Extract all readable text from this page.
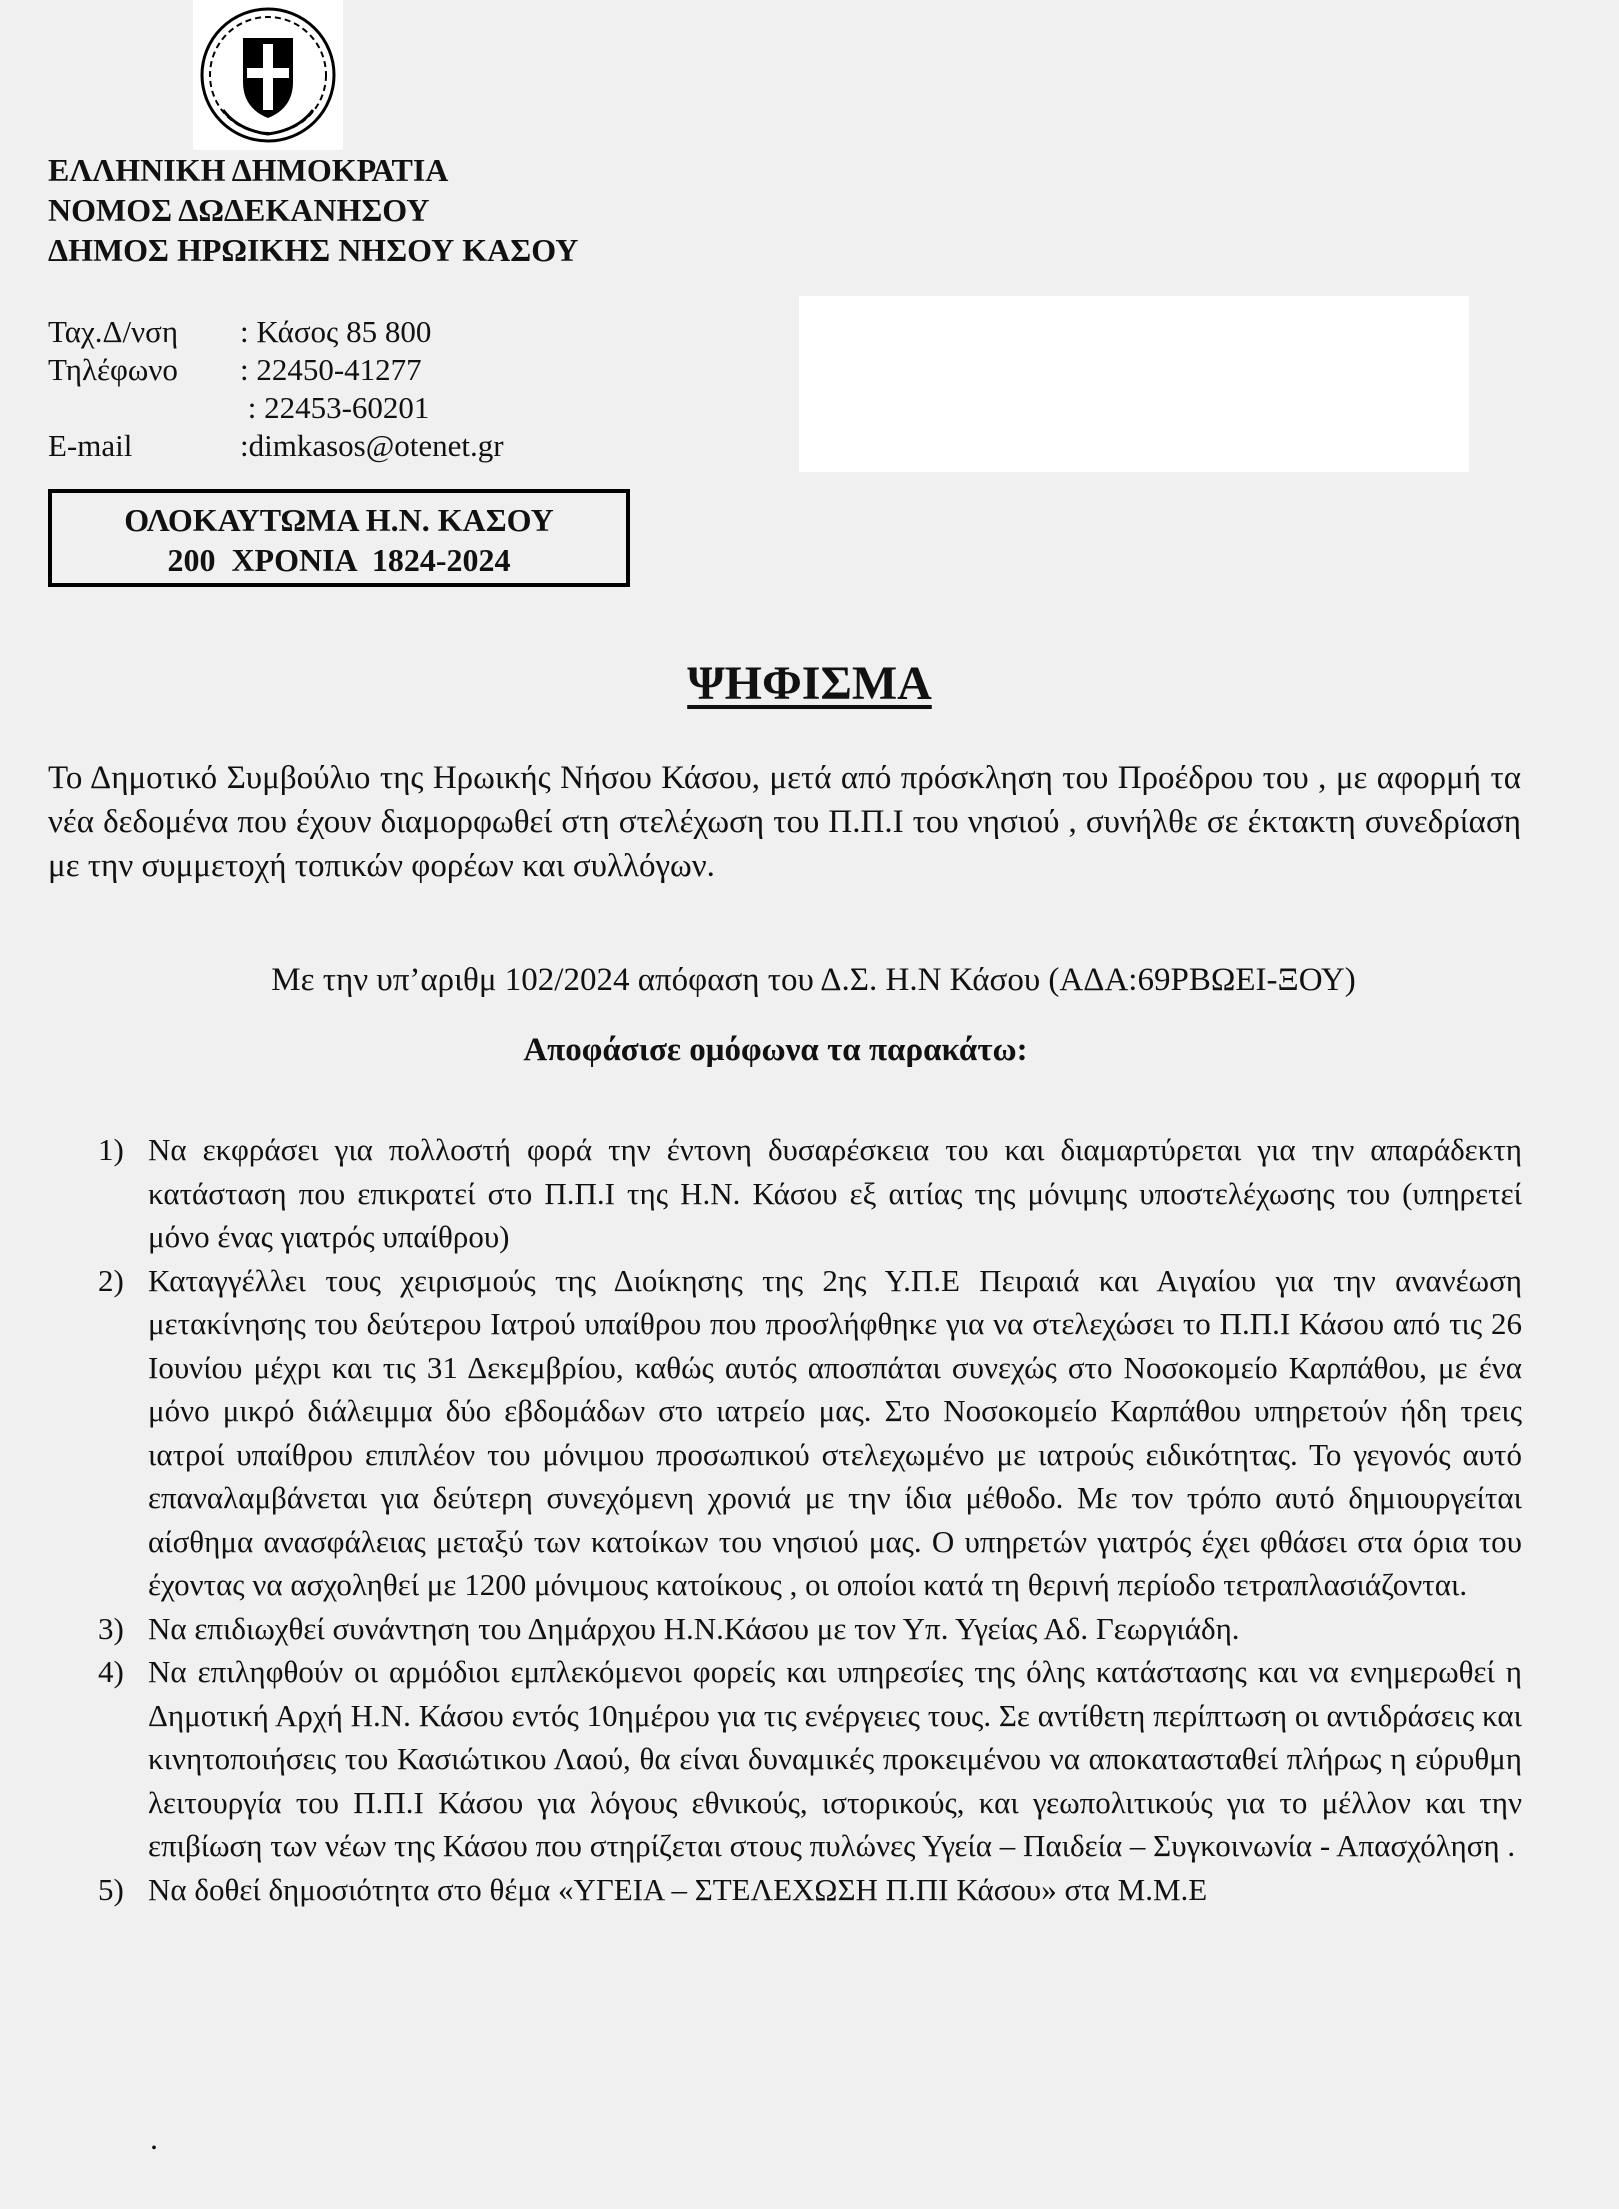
ΕΛΛΗΝΙΚΗ ΔΗΜΟΚΡΑΤΙΑ
ΝΟΜΟΣ ΔΩΔΕΚΑΝΗΣΟΥ
ΔΗΜΟΣ ΗΡΩΙΚΗΣ ΝΗΣΟΥ ΚΑΣΟΥ
Ταχ.Δ/νση	: Κάσος 85 800
Τηλέφωνο	: 22450-41277
: 22453-60201
E-mail	:dimkasos@otenet.gr
ΟΛΟΚΑΥΤΩΜΑ Η.Ν. ΚΑΣΟΥ
200  ΧΡΟΝΙΑ  1824-2024
ΨΗΦΙΣΜΑ
Το Δημοτικό Συμβούλιο της Ηρωικής Νήσου Κάσου, μετά από πρόσκληση του Προέδρου του , με αφορμή τα νέα δεδομένα που έχουν διαμορφωθεί στη στελέχωση του Π.Π.Ι του νησιού , συνήλθε σε έκτακτη συνεδρίαση με την συμμετοχή τοπικών φορέων και συλλόγων.
Με την υπ’αριθμ 102/2024 απόφαση του Δ.Σ. Η.Ν Κάσου (ΑΔΑ:69ΡΒΩΕΙ-ΞΟΥ)
Αποφάσισε ομόφωνα τα παρακάτω:
1) Να εκφράσει για πολλοστή φορά την έντονη δυσαρέσκεια του και διαμαρτύρεται για την απαράδεκτη κατάσταση που επικρατεί στο Π.Π.Ι της Η.Ν. Κάσου εξ αιτίας της μόνιμης υποστελέχωσης του (υπηρετεί μόνο ένας γιατρός υπαίθρου)
2) Καταγγέλλει τους χειρισμούς της Διοίκησης της 2ης Υ.Π.Ε Πειραιά και Αιγαίου για την ανανέωση μετακίνησης του δεύτερου Ιατρού υπαίθρου που προσλήφθηκε για να στελεχώσει το Π.Π.Ι Κάσου από τις 26 Ιουνίου μέχρι και τις 31 Δεκεμβρίου, καθώς αυτός αποσπάται συνεχώς στο Νοσοκομείο Καρπάθου, με ένα μόνο μικρό διάλειμμα δύο εβδομάδων στο ιατρείο μας. Στο Νοσοκομείο Καρπάθου υπηρετούν ήδη τρεις ιατροί υπαίθρου επιπλέον του μόνιμου προσωπικού στελεχωμένο με ιατρούς ειδικότητας. Το γεγονός αυτό επαναλαμβάνεται για δεύτερη συνεχόμενη χρονιά με την ίδια μέθοδο. Με τον τρόπο αυτό δημιουργείται αίσθημα ανασφάλειας μεταξύ των κατοίκων του νησιού μας. Ο υπηρετών γιατρός έχει φθάσει στα όρια του έχοντας να ασχοληθεί με 1200 μόνιμους κατοίκους , οι οποίοι κατά τη θερινή περίοδο τετραπλασιάζονται.
3) Να επιδιωχθεί συνάντηση του Δημάρχου Η.Ν.Κάσου με τον Υπ. Υγείας Αδ. Γεωργιάδη.
4) Να επιληφθούν οι αρμόδιοι εμπλεκόμενοι φορείς και υπηρεσίες της όλης κατάστασης και να ενημερωθεί η Δημοτική Αρχή Η.Ν. Κάσου εντός 10ημέρου για τις ενέργειες τους. Σε αντίθετη περίπτωση οι αντιδράσεις και κινητοποιήσεις του Κασιώτικου Λαού, θα είναι δυναμικές προκειμένου να αποκατασταθεί πλήρως η εύρυθμη λειτουργία του Π.Π.Ι Κάσου για λόγους εθνικούς, ιστορικούς, και γεωπολιτικούς για το μέλλον και την επιβίωση των νέων της Κάσου που στηρίζεται στους πυλώνες Υγεία – Παιδεία – Συγκοινωνία - Απασχόληση .
5) Να δοθεί δημοσιότητα στο θέμα «ΥΓΕΙΑ – ΣΤΕΛΕΧΩΣΗ Π.ΠΙ Κάσου» στα Μ.Μ.Ε
.
